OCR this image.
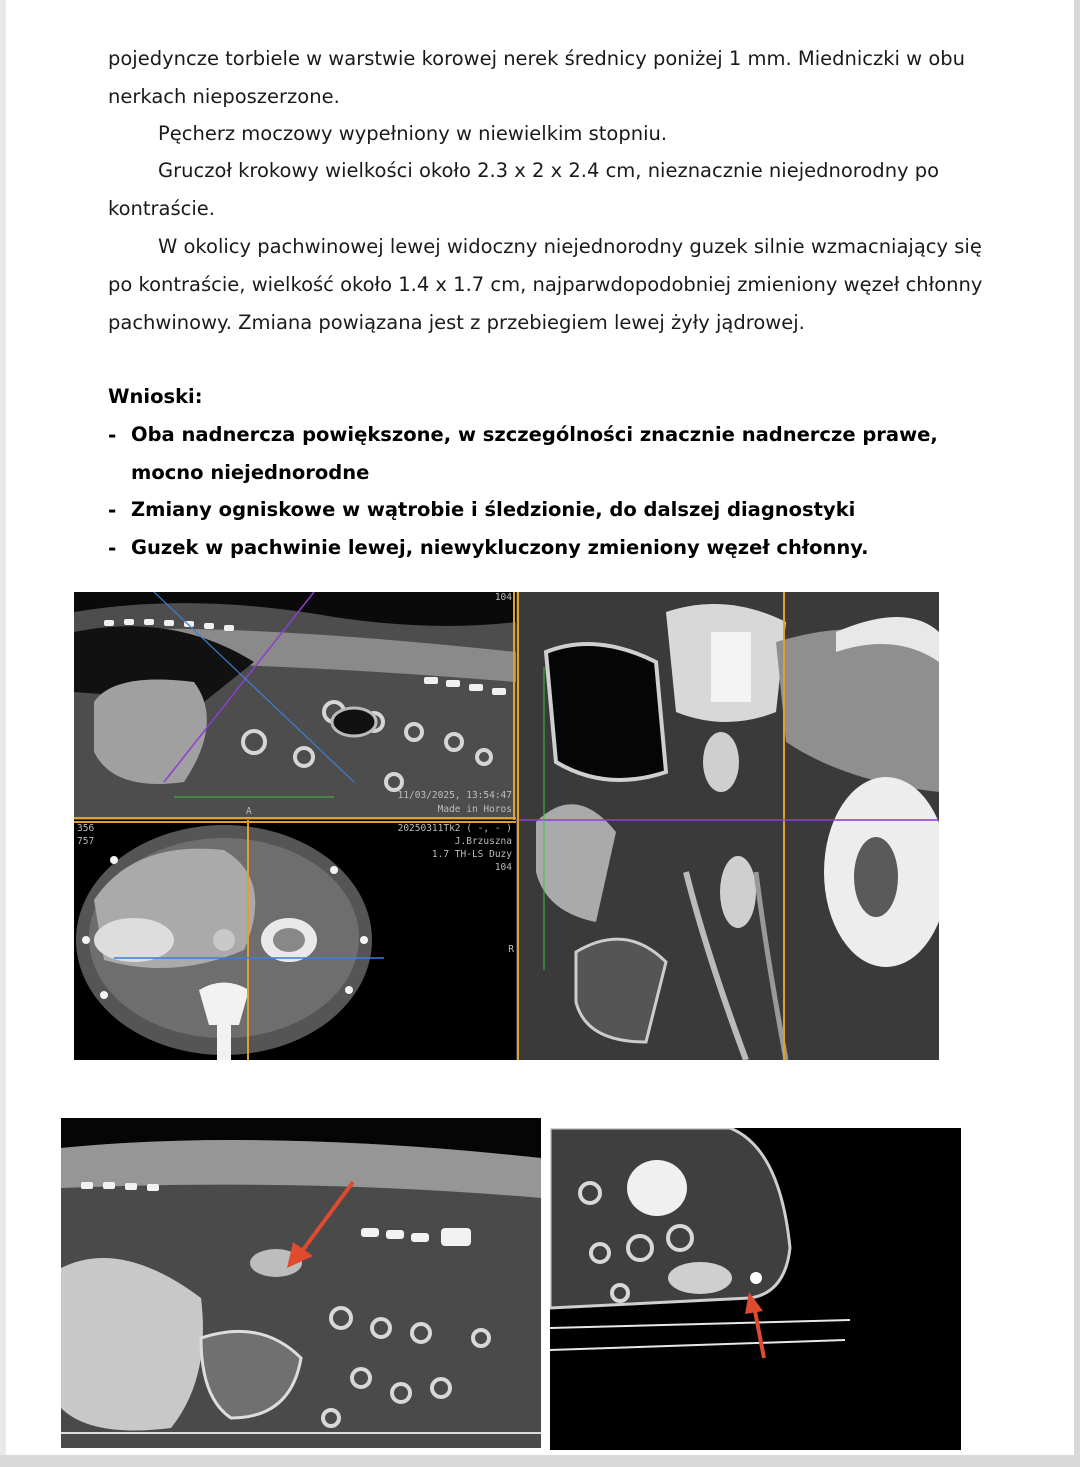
pojedyncze torbiele w warstwie korowej nerek średnicy poniżej 1 mm. Miedniczki w obu
nerkach nieposzerzone.
Pęcherz moczowy wypełniony w niewielkim stopniu.
Gruczoł krokowy wielkości około 2.3 x 2 x 2.4 cm, nieznacznie niejednorodny po
kontraście.
W okolicy pachwinowej lewej widoczny niejednorodny guzek silnie wzmacniający się
po kontraście, wielkość około 1.4 x 1.7 cm, najparwdopodobniej zmieniony węzeł chłonny
pachwinowy. Zmiana powiązana jest z przebiegiem lewej żyły jądrowej.
Wnioski:
- Oba nadnercza powiększone, w szczególności znacznie nadnercze prawe,
mocno niejednorodne
- Zmiany ogniskowe w wątrobie i śledzionie, do dalszej diagnostyki
- Guzek w pachwinie lewej, niewykluczony zmieniony węzeł chłonny.
104
11/03/2025, 13:54:47
Made in Horos
A
356
757
20250311Tk2 ( -, - )
J.Brzuszna
1.7 TH-LS Duzy
104
R
